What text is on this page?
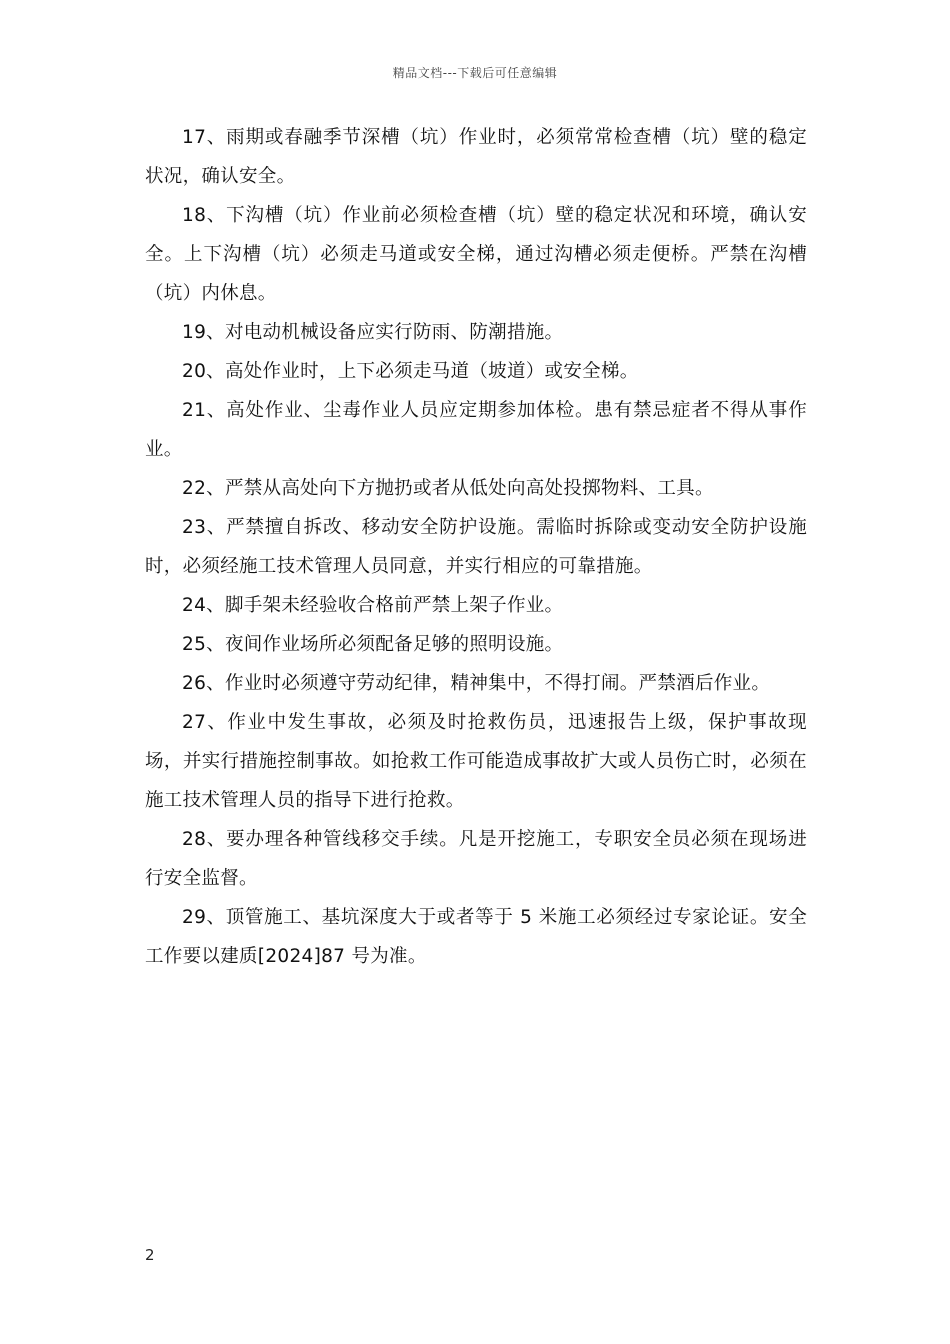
精品文档---下载后可任意编辑

17、雨期或春融季节深槽（坑）作业时，必须常常检查槽（坑）壁的稳定状况，确认安全。

18、下沟槽（坑）作业前必须检查槽（坑）壁的稳定状况和环境，确认安全。上下沟槽（坑）必须走马道或安全梯，通过沟槽必须走便桥。严禁在沟槽（坑）内休息。

19、对电动机械设备应实行防雨、防潮措施。

20、高处作业时，上下必须走马道（坡道）或安全梯。

21、高处作业、尘毒作业人员应定期参加体检。患有禁忌症者不得从事作业。

22、严禁从高处向下方抛扔或者从低处向高处投掷物料、工具。

23、严禁擅自拆改、移动安全防护设施。需临时拆除或变动安全防护设施时，必须经施工技术管理人员同意，并实行相应的可靠措施。

24、脚手架未经验收合格前严禁上架子作业。

25、夜间作业场所必须配备足够的照明设施。

26、作业时必须遵守劳动纪律，精神集中，不得打闹。严禁酒后作业。

27、作业中发生事故，必须及时抢救伤员，迅速报告上级，保护事故现场，并实行措施控制事故。如抢救工作可能造成事故扩大或人员伤亡时，必须在施工技术管理人员的指导下进行抢救。

28、要办理各种管线移交手续。凡是开挖施工，专职安全员必须在现场进行安全监督。

29、顶管施工、基坑深度大于或者等于 5 米施工必须经过专家论证。安全工作要以建质[2024]87 号为准。

2
